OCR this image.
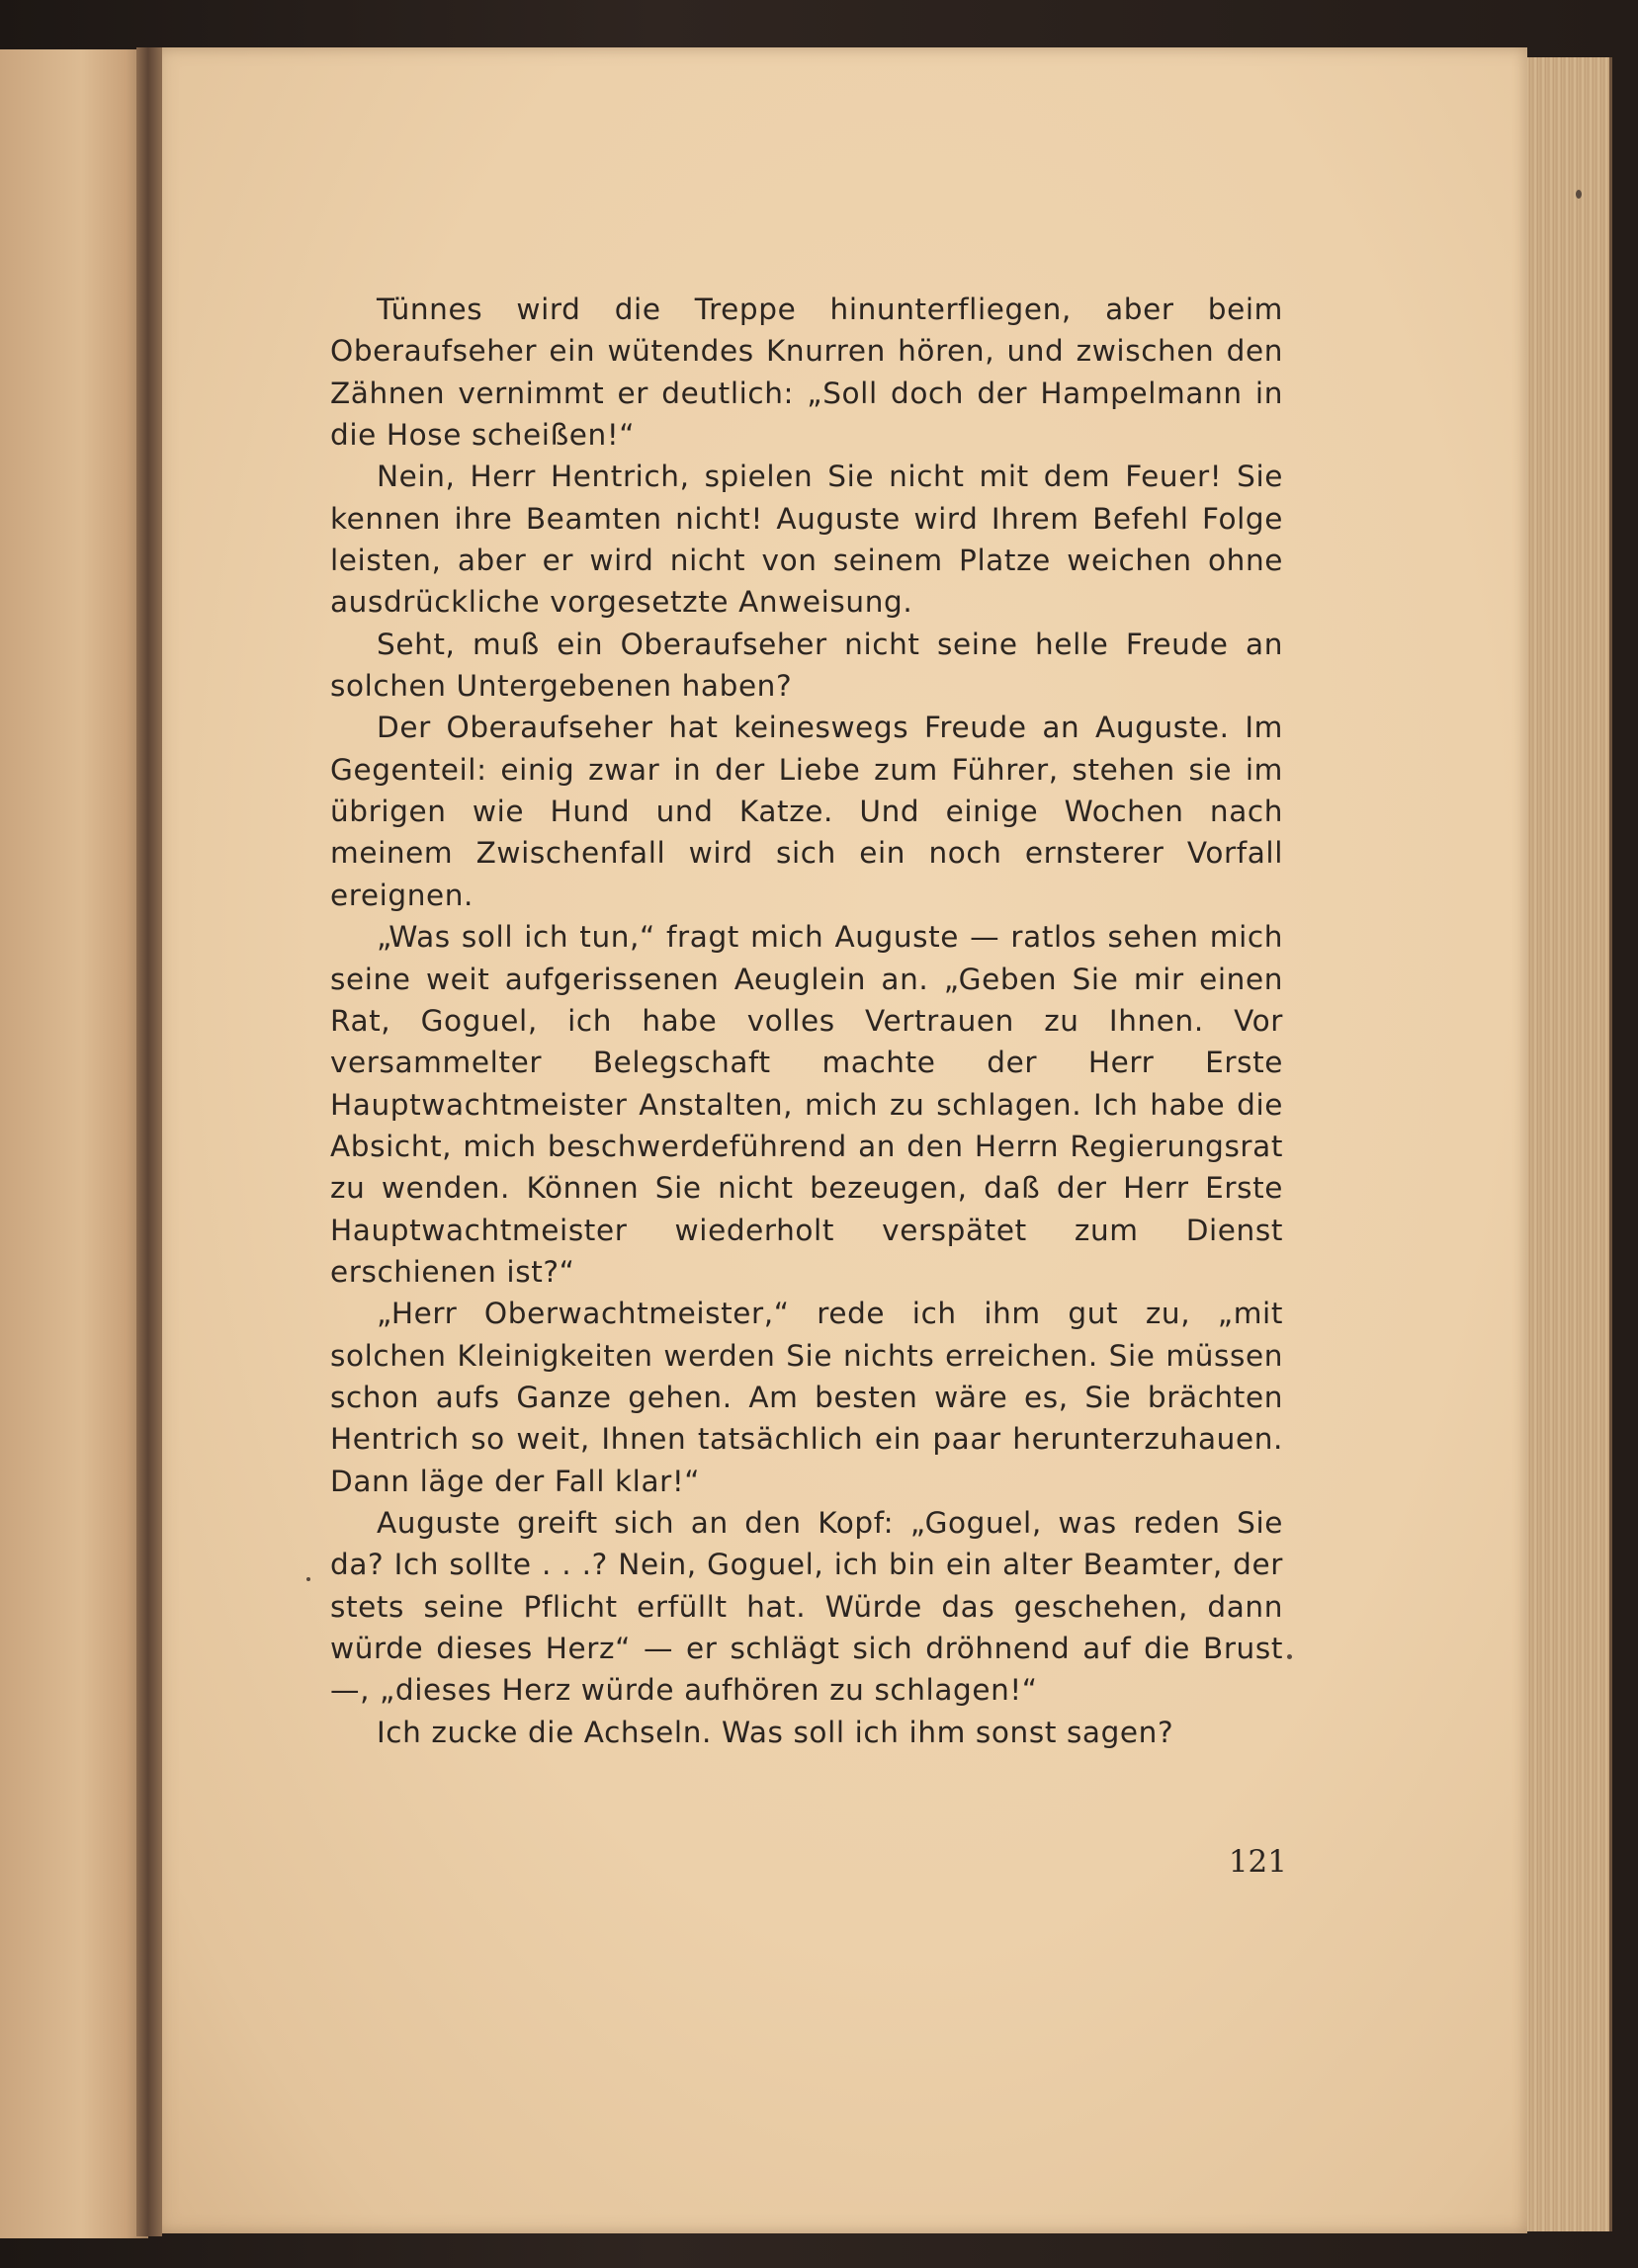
Tünnes wird die Treppe hinunterfliegen, aber beim Oberaufseher ein wütendes Knurren hören, und zwischen den Zähnen vernimmt er deutlich: „Soll doch der Hampelmann in die Hose scheißen!“

Nein, Herr Hentrich, spielen Sie nicht mit dem Feuer! Sie kennen ihre Beamten nicht! Auguste wird Ihrem Befehl Folge leisten, aber er wird nicht von seinem Platze weichen ohne ausdrückliche vorgesetzte Anweisung.

Seht, muß ein Oberaufseher nicht seine helle Freude an solchen Untergebenen haben?

Der Oberaufseher hat keineswegs Freude an Auguste. Im Gegenteil: einig zwar in der Liebe zum Führer, stehen sie im übrigen wie Hund und Katze. Und einige Wochen nach meinem Zwischenfall wird sich ein noch ernsterer Vorfall ereignen.

„Was soll ich tun,“ fragt mich Auguste — ratlos sehen mich seine weit aufgerissenen Aeuglein an. „Geben Sie mir einen Rat, Goguel, ich habe volles Vertrauen zu Ihnen. Vor versammelter Belegschaft machte der Herr Erste Hauptwachtmeister Anstalten, mich zu schlagen. Ich habe die Absicht, mich beschwerdeführend an den Herrn Regierungsrat zu wenden. Können Sie nicht bezeugen, daß der Herr Erste Hauptwachtmeister wiederholt verspätet zum Dienst erschienen ist?“

„Herr Oberwachtmeister,“ rede ich ihm gut zu, „mit solchen Kleinigkeiten werden Sie nichts erreichen. Sie müssen schon aufs Ganze gehen. Am besten wäre es, Sie brächten Hentrich so weit, Ihnen tatsächlich ein paar herunterzuhauen. Dann läge der Fall klar!“

Auguste greift sich an den Kopf: „Goguel, was reden Sie da? Ich sollte . . .? Nein, Goguel, ich bin ein alter Beamter, der stets seine Pflicht erfüllt hat. Würde das geschehen, dann würde dieses Herz“ — er schlägt sich dröhnend auf die Brust —, „dieses Herz würde aufhören zu schlagen!“

Ich zucke die Achseln. Was soll ich ihm sonst sagen?

121
